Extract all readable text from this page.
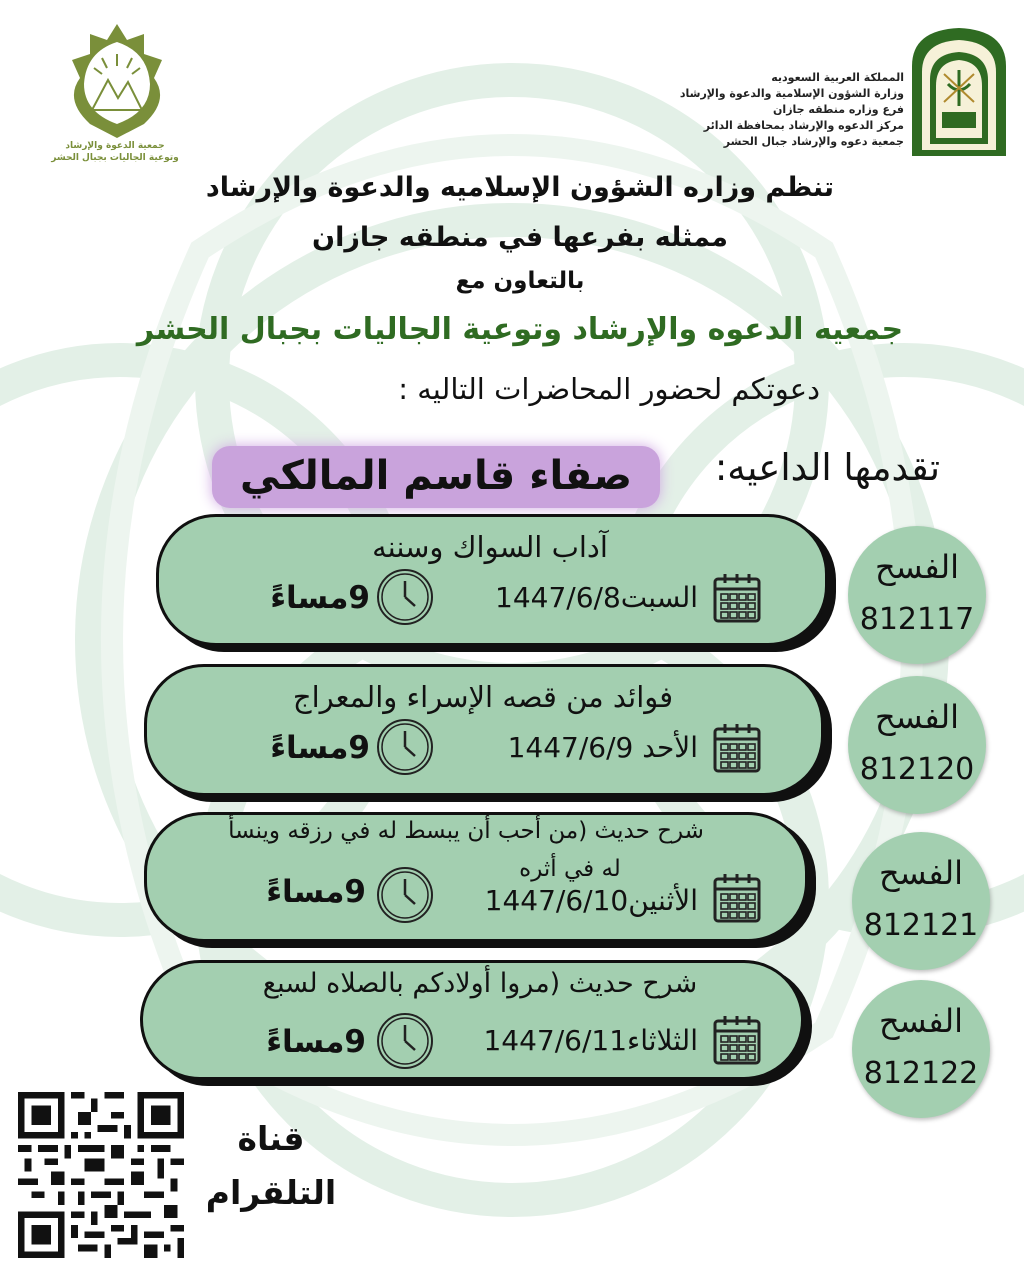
المملكة العربية السعوديه
وزارة الشؤون الإسلامية والدعوة والإرشاد
فرع وزاره منطقه جازان
مركز الدعوه والإرشاد بمحافظة الدائر
جمعية دعوه والإرشاد جبال الحشر
جمعية الدعوة والإرشاد
وتوعية الجاليات بجبال الحشر
تنظم وزاره الشؤون الإسلاميه والدعوة والإرشاد
ممثله بفرعها في منطقه جازان
بالتعاون مع
جمعيه الدعوه والإرشاد وتوعية الجاليات بجبال الحشر
دعوتكم لحضور المحاضرات التاليه :
تقدمها الداعيه:
صفاء قاسم المالكي
آداب السواك وسننه
السبت1447/6/8
9مساءً
الفسح
812117
فوائد من قصه الإسراء والمعراج
الأحد 1447/6/9
9مساءً
الفسح
812120
شرح حديث (من أحب أن يبسط له في رزقه وينسأ
له في أثره
الأثنين1447/6/10
9مساءً	الفسح
812121
شرح حديث (مروا أولادكم بالصلاه لسبع
الثلاثاء1447/6/11
9مساءً
الفسح
812122
قناة
التلقرام
